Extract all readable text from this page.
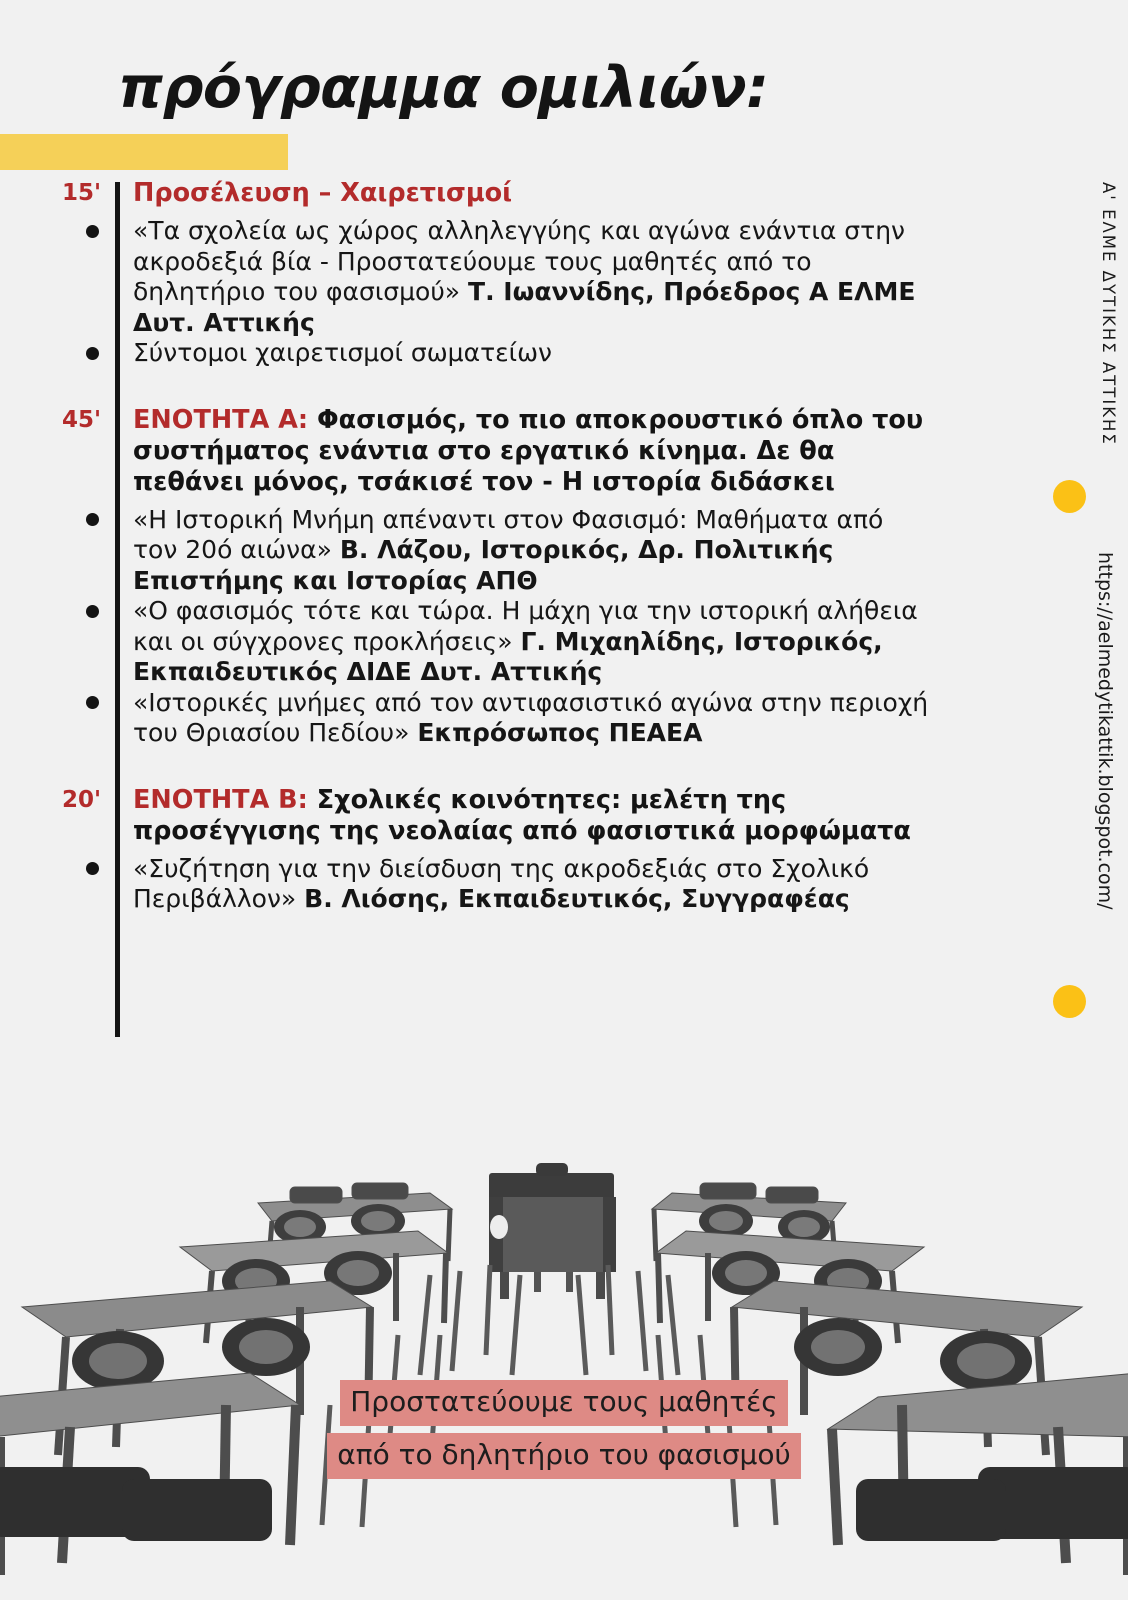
πρόγραμμα ομιλιών:
15'	Προσέλευση – Χαιρετισμοί
«Τα σχολεία ως χώρος αλληλεγγύης και αγώνα ενάντια στην ακροδεξιά βία - Προστατεύουμε τους μαθητές από το δηλητήριο του φασισμού» Τ. Ιωαννίδης, Πρόεδρος Α ΕΛΜΕ Δυτ. Αττικής
Σύντομοι χαιρετισμοί σωματείων
45'	ΕΝΟΤΗΤΑ Α: Φασισμός, το πιο αποκρουστικό όπλο του συστήματος ενάντια στο εργατικό κίνημα. Δε θα πεθάνει μόνος, τσάκισέ τον - Η ιστορία διδάσκει
«Η Ιστορική Μνήμη απέναντι στον Φασισμό: Μαθήματα από τον 20ό αιώνα» Β. Λάζου, Ιστορικός, Δρ. Πολιτικής Επιστήμης και Ιστορίας ΑΠΘ
«Ο φασισμός τότε και τώρα. Η μάχη για την ιστορική αλήθεια και οι σύγχρονες προκλήσεις» Γ. Μιχαηλίδης, Ιστορικός, Εκπαιδευτικός ΔΙΔΕ Δυτ. Αττικής
«Ιστορικές μνήμες από τον αντιφασιστικό αγώνα στην περιοχή του Θριασίου Πεδίου» Εκπρόσωπος ΠΕΑΕΑ
20'	ΕΝΟΤΗΤΑ Β: Σχολικές κοινότητες: μελέτη της προσέγγισης της νεολαίας από φασιστικά μορφώματα
«Συζήτηση για την διείσδυση της ακροδεξιάς στο Σχολικό Περιβάλλον» Β. Λιόσης, Εκπαιδευτικός, Συγγραφέας
Α' ΕΛΜΕ ΔΥΤΙΚΗΣ ΑΤΤΙΚΗΣ
https://aelmedytikattik.blogspot.com/
Προστατεύουμε τους μαθητές
από το δηλητήριο του φασισμού
